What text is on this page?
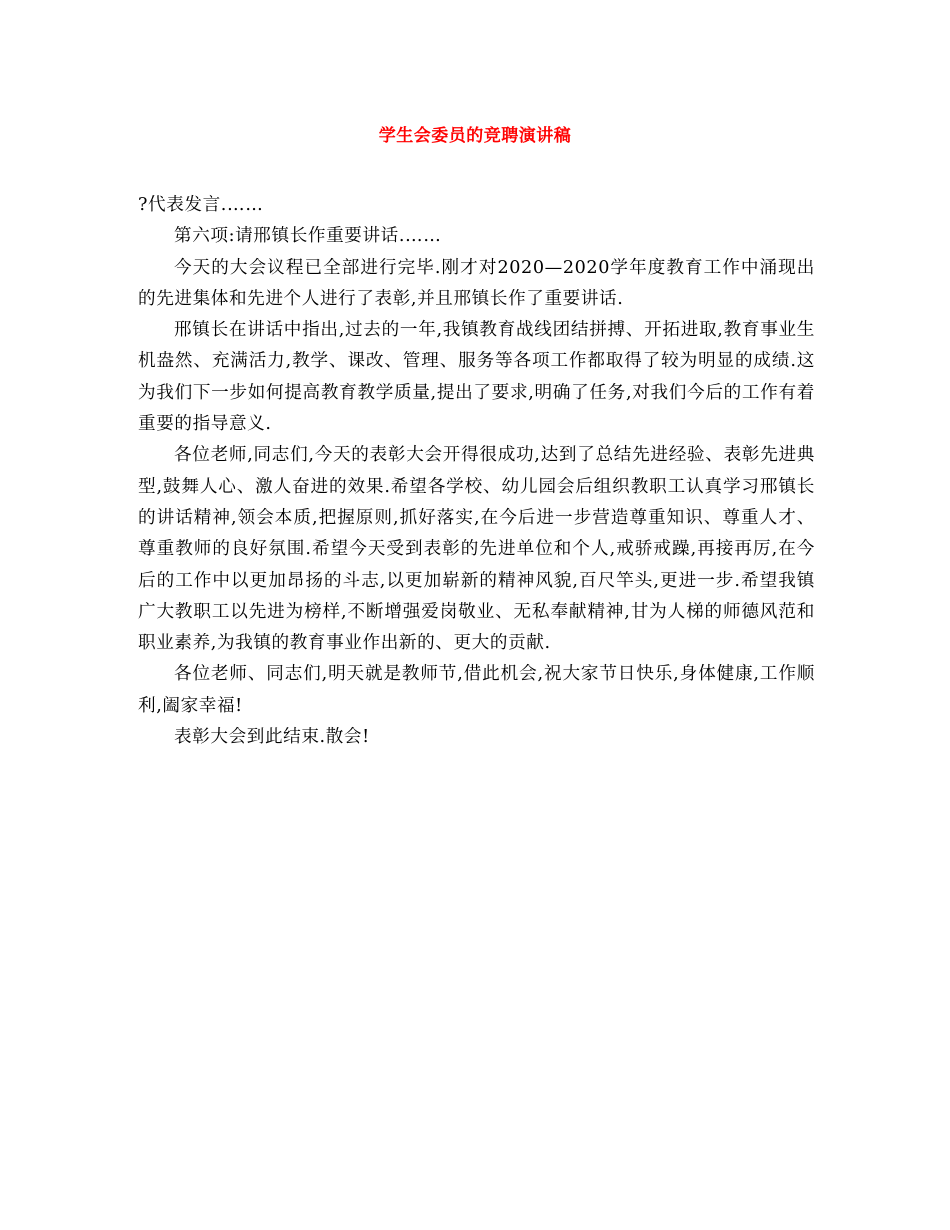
学生会委员的竞聘演讲稿

?代表发言.……

第六项:请邢镇长作重要讲话.……

今天的大会议程已全部进行完毕.刚才对2020—2020学年度教育工作中涌现出的先进集体和先进个人进行了表彰,并且邢镇长作了重要讲话.

邢镇长在讲话中指出,过去的一年,我镇教育战线团结拼搏、开拓进取,教育事业生机盎然、充满活力,教学、课改、管理、服务等各项工作都取得了较为明显的成绩.这为我们下一步如何提高教育教学质量,提出了要求,明确了任务,对我们今后的工作有着重要的指导意义.

各位老师,同志们,今天的表彰大会开得很成功,达到了总结先进经验、表彰先进典型,鼓舞人心、激人奋进的效果.希望各学校、幼儿园会后组织教职工认真学习邢镇长的讲话精神,领会本质,把握原则,抓好落实,在今后进一步营造尊重知识、尊重人才、尊重教师的良好氛围.希望今天受到表彰的先进单位和个人,戒骄戒躁,再接再厉,在今后的工作中以更加昂扬的斗志,以更加崭新的精神风貌,百尺竿头,更进一步.希望我镇广大教职工以先进为榜样,不断增强爱岗敬业、无私奉献精神,甘为人梯的师德风范和职业素养,为我镇的教育事业作出新的、更大的贡献.

各位老师、同志们,明天就是教师节,借此机会,祝大家节日快乐,身体健康,工作顺利,阖家幸福!

表彰大会到此结束.散会!
